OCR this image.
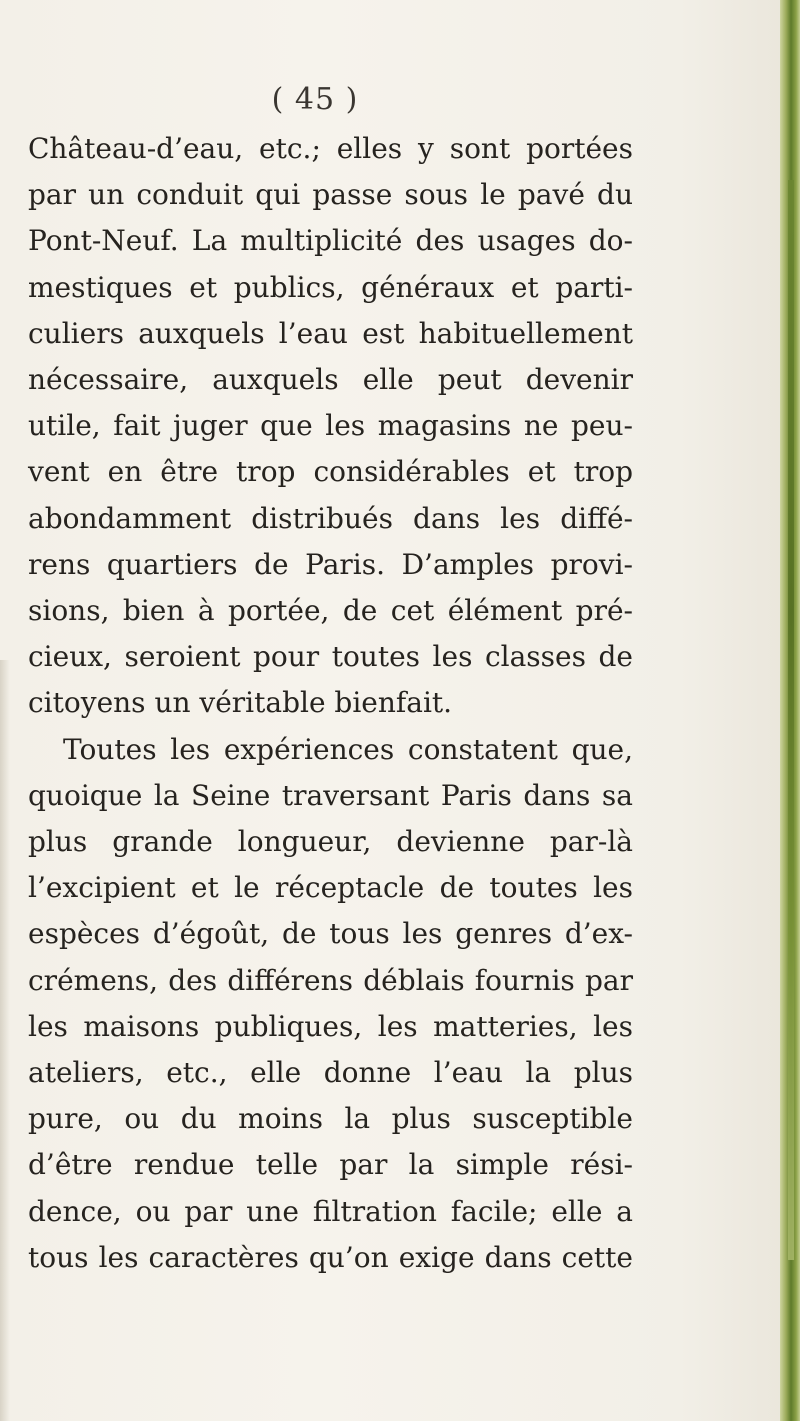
( 45 )
Château-d’eau, etc.; elles y sont portées
par un conduit qui passe sous le pavé du
Pont-Neuf. La multiplicité des usages do-
mestiques et publics, généraux et parti-
culiers auxquels l’eau est habituellement
nécessaire, auxquels elle peut devenir
utile, fait juger que les magasins ne peu-
vent en être trop considérables et trop
abondamment distribués dans les diffé-
rens quartiers de Paris. D’amples provi-
sions, bien à portée, de cet élément pré-
cieux, seroient pour toutes les classes de
citoyens un véritable bienfait.
Toutes les expériences constatent que,
quoique la Seine traversant Paris dans sa
plus grande longueur, devienne par-là
l’excipient et le réceptacle de toutes les
espèces d’égoût, de tous les genres d’ex-
crémens, des différens déblais fournis par
les maisons publiques, les matteries, les
ateliers, etc., elle donne l’eau la plus
pure, ou du moins la plus susceptible
d’être rendue telle par la simple rési-
dence, ou par une filtration facile; elle a
tous les caractères qu’on exige dans cette
